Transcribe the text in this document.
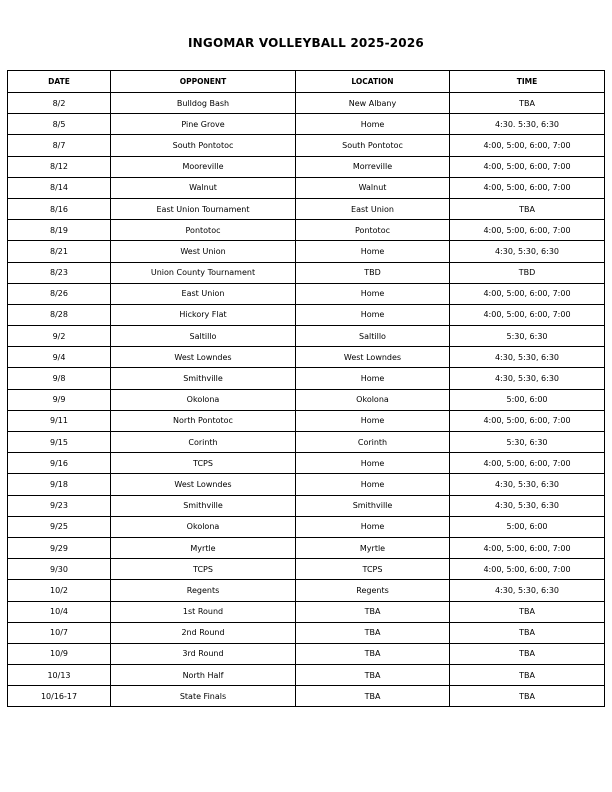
INGOMAR VOLLEYBALL 2025-2026
DATE	OPPONENT	LOCATION	TIME
8/2	Bulldog Bash	New Albany	TBA
8/5	Pine Grove	Home	4:30. 5:30, 6:30
8/7	South Pontotoc	South Pontotoc	4:00, 5:00, 6:00, 7:00
8/12	Mooreville	Morreville	4:00, 5:00, 6:00, 7:00
8/14	Walnut	Walnut	4:00, 5:00, 6:00, 7:00
8/16	East Union Tournament	East Union	TBA
8/19	Pontotoc	Pontotoc	4:00, 5:00, 6:00, 7:00
8/21	West Union	Home	4:30, 5:30, 6:30
8/23	Union County Tournament	TBD	TBD
8/26	East Union	Home	4:00, 5:00, 6:00, 7:00
8/28	Hickory Flat	Home	4:00, 5:00, 6:00, 7:00
9/2	Saltillo	Saltillo	5:30, 6:30
9/4	West Lowndes	West Lowndes	4:30, 5:30, 6:30
9/8	Smithville	Home	4:30, 5:30, 6:30
9/9	Okolona	Okolona	5:00, 6:00
9/11	North Pontotoc	Home	4:00, 5:00, 6:00, 7:00
9/15	Corinth	Corinth	5:30, 6:30
9/16	TCPS	Home	4:00, 5:00, 6:00, 7:00
9/18	West Lowndes	Home	4:30, 5:30, 6:30
9/23	Smithville	Smithville	4:30, 5:30, 6:30
9/25	Okolona	Home	5:00, 6:00
9/29	Myrtle	Myrtle	4:00, 5:00, 6:00, 7:00
9/30	TCPS	TCPS	4:00, 5:00, 6:00, 7:00
10/2	Regents	Regents	4:30, 5:30, 6:30
10/4	1st Round	TBA	TBA
10/7	2nd Round	TBA	TBA
10/9	3rd Round	TBA	TBA
10/13	North Half	TBA	TBA
10/16-17	State Finals	TBA	TBA
